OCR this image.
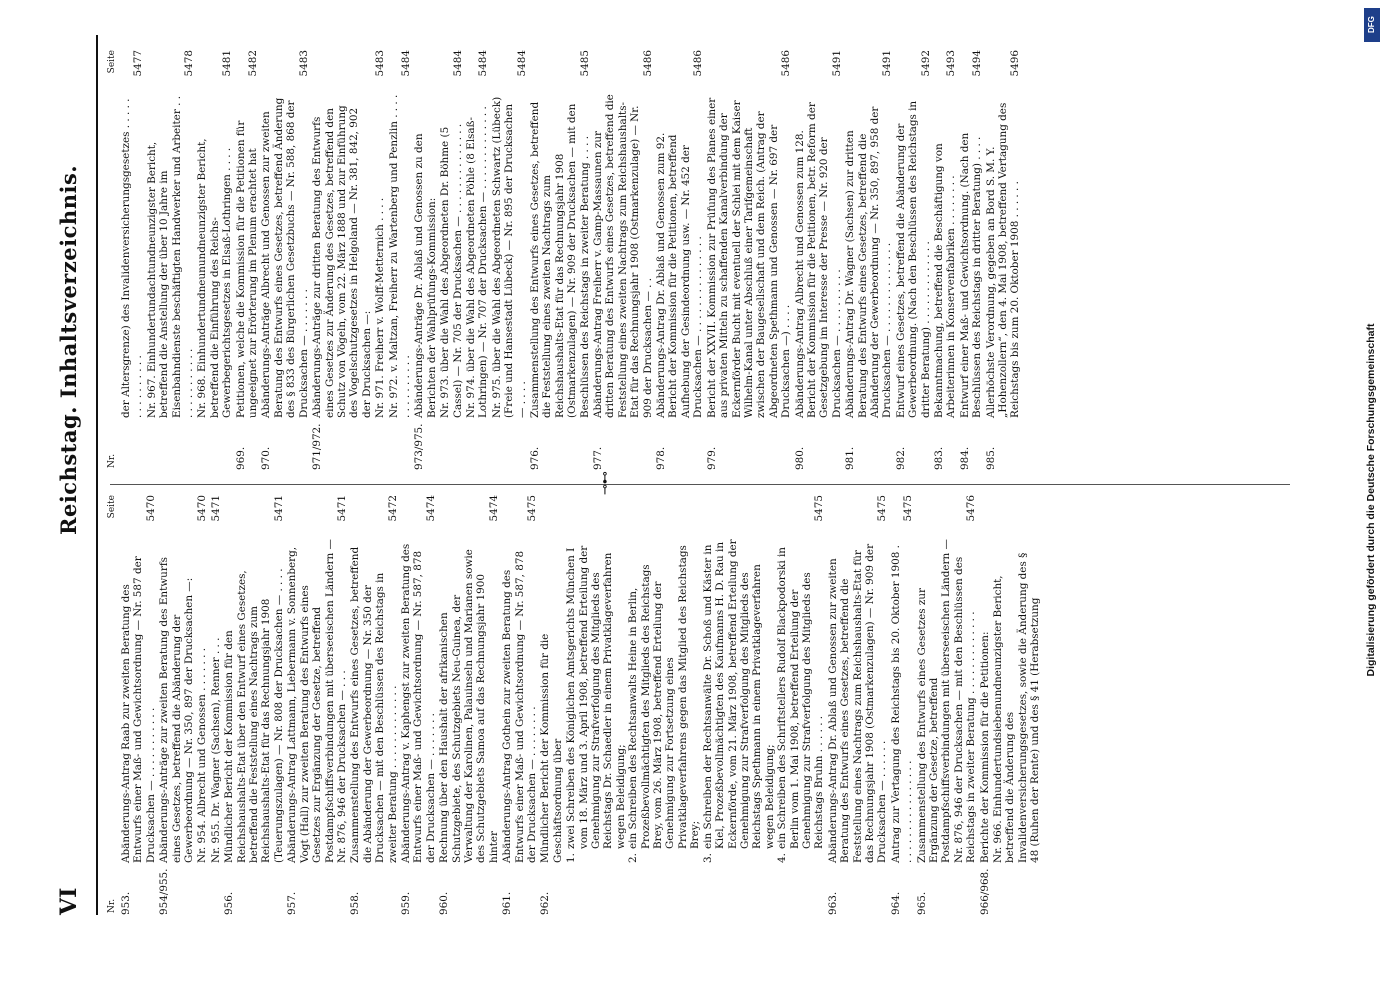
VI
Reichstag. Inhaltsverzeichnis.
Nr.
Seite
953.
Abänderungs-Antrag Raab zur zweiten Beratung des Entwurfs einer Maß- und Gewichtsordnung — Nr. 587 der Drucksachen — . . . . . . . . . . .
5470
954/955.
Abänderungs-Anträge zur zweiten Beratung des Entwurfs eines Gesetzes, betreffend die Abänderung der Gewerbeordnung — Nr. 350, 897 der Drucksachen —: Nr. 954. Albrecht und Genossen . . . . . . .
5470
Nr. 955. Dr. Wagner (Sachsen), Renner . . .
5471
956.
Mündlicher Bericht der Kommission für den Reichshaushalts-Etat über den Entwurf eines Gesetzes, betreffend die Feststellung eines Nachtrags zum Reichshaushalts-Etat für das Rechnungsjahr 1908 (Teuerungszulagen) — Nr. 808 der Drucksachen — . . . .
5471
957.
Abänderungs-Antrag Lattmann, Liebermann v. Sonnenberg, Vogt (Hall) zur zweiten Beratung des Entwurfs eines Gesetzes zur Ergänzung der Gesetze, betreffend Postdampfschiffsverbindungen mit überseeischen Ländern — Nr. 876, 946 der Drucksachen — . . .
5471
958.
Zusammenstellung des Entwurfs eines Gesetzes, betreffend die Abänderung der Gewerbeordnung — Nr. 350 der Drucksachen — mit den Beschlüssen des Reichstags in zweiter Beratung . . . . . . . . . . . . .
5472
959.
Abänderungs-Antrag v. Kaphengst zur zweiten Beratung des Entwurfs einer Maß- und Gewichtsordnung — Nr. 587, 878 der Drucksachen — . . . . . . .
5474
960.
Rechnung über den Haushalt der afrikanischen Schutzgebiete, des Schutzgebiets Neu-Guinea, der Verwaltung der Karolinen, Palauinseln und Marianen sowie des Schutzgebiets Samoa auf das Rechnungsjahr 1900 hinter
5474
961.
Abänderungs-Antrag Gothein zur zweiten Beratung des Entwurfs einer Maß- und Gewichtsordnung — Nr. 587, 878 der Drucksachen — . . . . . . . .
5475
962.
Mündlicher Bericht der Kommission für die Geschäftsordnung über 1.
zwei Schreiben des Königlichen Amtsgerichts München I vom 18. März und 3. April 1908, betreffend Erteilung der Genehmigung zur Strafverfolgung des Mitglieds des Reichstags Dr. Schaedler in einem Privatklageverfahren wegen Beleidigung;
2.
ein Schreiben des Rechtsanwalts Heine in Berlin, Prozeßbevollmächtigten des Mitglieds des Reichstags Brey, vom 26. März 1908, betreffend Erteilung der Genehmigung zur Fortsetzung eines Privatklageverfahrens gegen das Mitglied des Reichstags Brey;
3.
ein Schreiben der Rechtsanwälte Dr. Schoß und Käster in Kiel, Prozeßbevollmächtigten des Kaufmanns H. D. Rau in Eckernförde, vom 21. März 1908, betreffend Erteilung der Genehmigung zur Strafverfolgung des Mitglieds des Reichstags Spethmann in einem Privatklageverfahren wegen Beleidigung;
4.
ein Schreiben des Schriftstellers Rudolf Blackpodorski in Berlin vom 1. Mai 1908, betreffend Erteilung der Genehmigung zur Strafverfolgung des Mitglieds des Reichstags Bruhn . . . . . .
5475
963.
Abänderungs-Antrag Dr. Ablaß und Genossen zur zweiten Beratung des Entwurfs eines Gesetzes, betreffend die Feststellung eines Nachtrags zum Reichshaushalts-Etat für das Rechnungsjahr 1908 (Ostmarkenzulagen) — Nr. 909 der Drucksachen — . . . . . .
5475
964.
Antrag zur Vertagung des Reichstags bis 20. Oktober 1908 . . . . . . . . . . . . . . . . .
5475
965.
Zusammenstellung des Entwurfs eines Gesetzes zur Ergänzung der Gesetze, betreffend Postdampfschiffsverbindungen mit überseeischen Ländern — Nr. 876, 946 der Drucksachen — mit den Beschlüssen des Reichstags in zweiter Beratung . . . . . . . . . . . . .
5476
966/968.
Berichte der Kommission für die Petitionen: Nr. 966. Einhundertundsiebenundneunzigster Bericht, betreffend die Änderung des Invalidenversicherungsgesetzes, sowie die Änderung des § 48 (Ruhen der Rente) und des § 41 (Herabsetzung
⊸⊷
Nr.
Seite
der Altersgrenze) des Invalidenversicherungsgesetzes . . . . . . . . . . . . . . .
5477
Nr. 967. Einhundertundachtundneunzigster Bericht, betreffend die Anstellung der über 10 Jahre im Eisenbahndienste beschäftigten Handwerker und Arbeiter . . . . . . . . . . . . .
5478
Nr. 968. Einhundertundneunundneunzigster Bericht, betreffend die Einführung des Reichs-Gewerbegerichtsgesetzes in Elsaß-Lothringen . . . .
5481
969.
Petitionen, welche die Kommission für die Petitionen für ungeeignet zur Erörterung im Plenum erachtet hat
5482
970.
Abänderungs-Anträge Albrecht und Genossen zur zweiten Beratung des Entwurfs eines Gesetzes, betreffend Änderung des § 833 des Bürgerlichen Gesetzbuchs — Nr. 588, 868 der Drucksachen — . . . . . . .
5483
971/972.
Abänderungs-Anträge zur dritten Beratung des Entwurfs eines Gesetzes zur Änderung des Gesetzes, betreffend den Schutz von Vögeln, vom 22. März 1888 und zur Einführung des Vogelschutzgesetzes in Helgoland — Nr. 381, 842, 902 der Drucksachen —: Nr. 971. Freiherr v. Wolff-Metternich . . . .
5483
Nr. 972. v. Maltzan, Freiherr zu Wartenberg und Penzlin . . . . . . . . . . . . . .
5484
973/975.
Abänderungs-Anträge Dr. Ablaß und Genossen zu den Berichten der Wahlprüfungs-Kommission: Nr. 973. über die Wahl des Abgeordneten Dr. Böhme (5 Cassel) — Nr. 705 der Drucksachen — . . . . . . . . . . . . . .
5484
Nr. 974. über die Wahl des Abgeordneten Pöhle (8 Elsaß-Lothringen) — Nr. 707 der Drucksachen — . . . . . . . . . . . . .
5484
Nr. 975. über die Wahl des Abgeordneten Schwartz (Lübeck) (Freie und Hansestadt Lübeck) — Nr. 895 der Drucksachen — . . . .
5484
976.
Zusammenstellung des Entwurfs eines Gesetzes, betreffend die Feststellung eines zweiten Nachtrags zum Reichshaushalts-Etat für das Rechnungsjahr 1908 (Ostmarkenzulagen) — Nr. 909 der Drucksachen — mit den Beschlüssen des Reichstags in zweiter Beratung . . . .
5485
977.
Abänderungs-Antrag Freiherr v. Gamp-Massaunen zur dritten Beratung des Entwurfs eines Gesetzes, betreffend die Feststellung eines zweiten Nachtrags zum Reichshaushalts-Etat für das Rechnungsjahr 1908 (Ostmarkenzulage) — Nr. 909 der Drucksachen — . .
5486
978.
Abänderungs-Antrag Dr. Ablaß und Genossen zum 92. Bericht der Kommission für die Petitionen, betreffend Aufhebung der Gesindeordnung usw. — Nr. 452 der Drucksachen — . . . . . . . . . . . . . . .
5486
979.
Bericht der XXVII. Kommission zur Prüfung des Planes einer aus privaten Mitteln zu schaffenden Kanalverbindung der Eckernförder Bucht mit eventuell der Schlei mit dem Kaiser Wilhelm-Kanal unter Abschluß einer Tarifgemeinschaft zwischen der Baugesellschaft und dem Reich. (Antrag der Abgeordneten Spethmann und Genossen — Nr. 697 der Drucksachen —) . . . .
5486
980.
Abänderungs-Antrag Albrecht und Genossen zum 128. Bericht der Kommission für die Petitionen, betr. Reform der Gesetzgebung im Interesse der Presse — Nr. 920 der Drucksachen — . . . . . . . . . .
5491
981.
Abänderungs-Antrag Dr. Wagner (Sachsen) zur dritten Beratung des Entwurfs eines Gesetzes, betreffend die Abänderung der Gewerbeordnung — Nr. 350, 897, 958 der Drucksachen — . . . . . . . . . . . . . .
5491
982.
Entwurf eines Gesetzes, betreffend die Abänderung der Gewerbeordnung. (Nach den Beschlüssen des Reichstags in dritter Beratung) . . . . . . . . . . . . .
5492
983.
Bekanntmachung, betreffend die Beschäftigung von Arbeiterinnen in Konservenfabriken . . . . . . . .
5493
984.
Entwurf einer Maß- und Gewichtsordnung. (Nach den Beschlüssen des Reichstags in dritter Beratung) . . . .
5494
985.
Allerhöchste Verordnung, gegeben an Bord S. M. Y. „Hohenzollern“, den 4. Mai 1908, betreffend Vertagung des Reichstags bis zum 20. Oktober 1908 . . . . . .
5496
Digitalisierung gefördert durch die Deutsche Forschungsgemeinschaft
DFG
